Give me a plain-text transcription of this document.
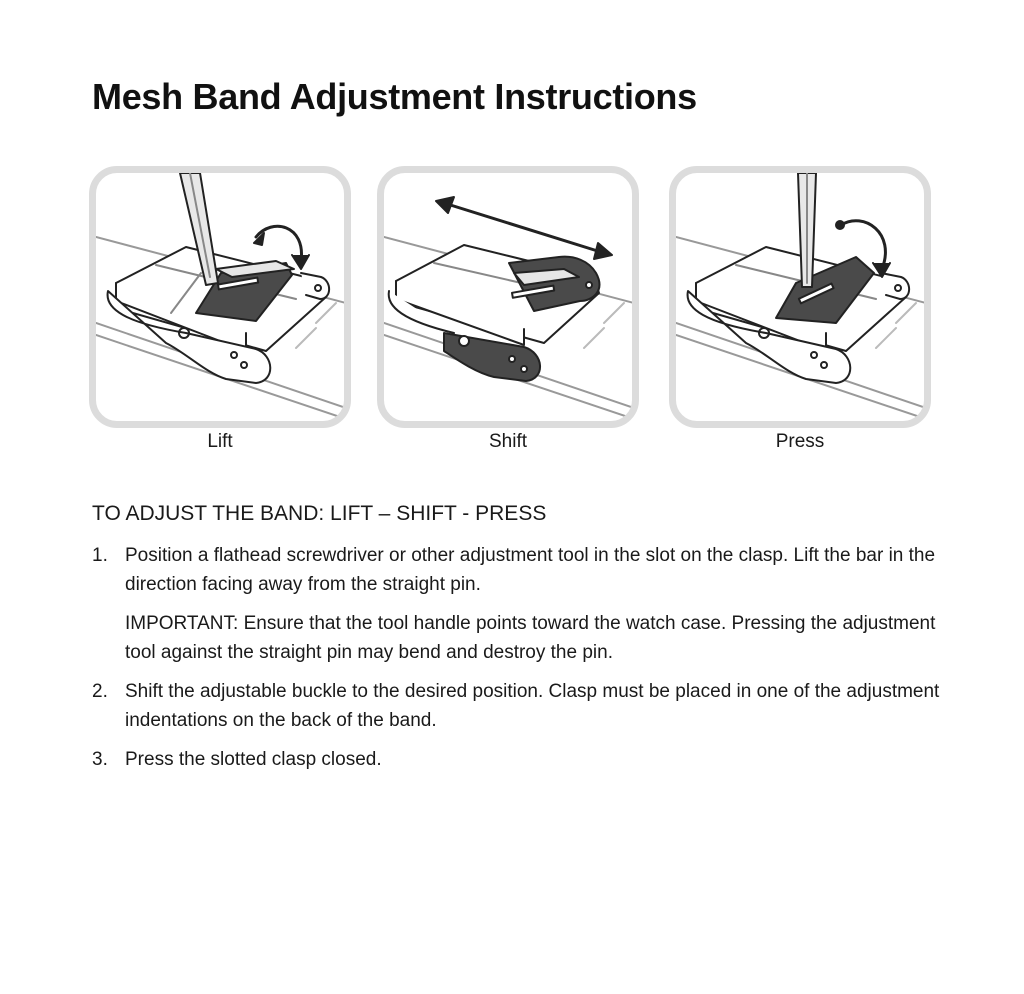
Mesh Band Adjustment Instructions
Lift	Shift	Press
TO ADJUST THE BAND: LIFT – SHIFT - PRESS
1. Position a flathead screwdriver or other adjustment tool in the slot on the clasp. Lift the bar in the direction facing away from the straight pin.
IMPORTANT: Ensure that the tool handle points toward the watch case. Pressing the adjustment tool against the straight pin may bend and destroy the pin.
2. Shift the adjustable buckle to the desired position. Clasp must be placed in one of the adjustment indentations on the back of the band.
3. Press the slotted clasp closed.
